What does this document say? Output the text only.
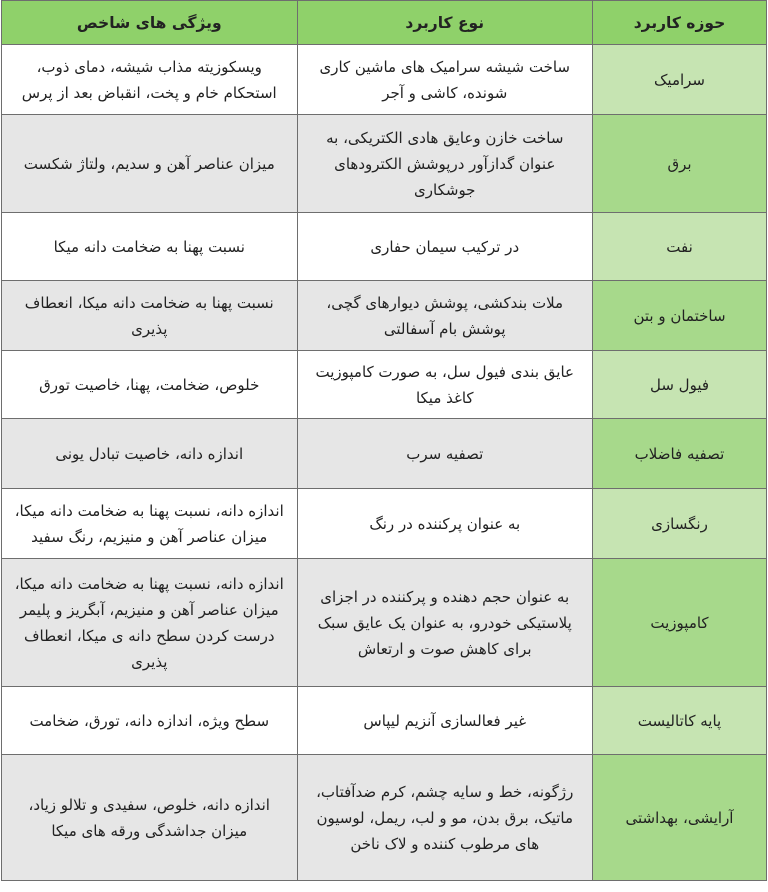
حوزه کاربرد	نوع کاربرد	ویژگی های شاخص
سرامیک	ساخت شیشه سرامیک های ماشین کاری شونده، کاشی و آجر	ویسکوزیته مذاب شیشه، دمای ذوب، استحکام خام و پخت، انقباض بعد از پرس
برق	ساخت خازن وعایق هادی الکتریکی، به عنوان گدازآور درپوشش الکترودهای جوشکاری	میزان عناصر آهن و سدیم، ولتاژ شکست
نفت	در ترکیب سیمان حفاری	نسبت پهنا به ضخامت دانه میکا
ساختمان و بتن	ملات بندکشی، پوشش دیوارهای گچی، پوشش بام آسفالتی	نسبت پهنا به ضخامت دانه میکا، انعطاف پذیری
فیول سل	عایق بندی فیول سل، به صورت کامپوزیت کاغذ میکا	خلوص، ضخامت، پهنا، خاصیت تورق
تصفیه فاضلاب	تصفیه سرب	اندازه دانه، خاصیت تبادل یونی
رنگسازی	به عنوان پرکننده در رنگ	اندازه دانه، نسبت پهنا به ضخامت دانه میکا، میزان عناصر آهن و منیزیم، رنگ سفید
کامپوزیت	به عنوان حجم دهنده و پرکننده در اجزای پلاستیکی خودرو، به عنوان یک عایق سبک برای کاهش صوت و ارتعاش	اندازه دانه، نسبت پهنا به ضخامت دانه میکا، میزان عناصر آهن و منیزیم، آبگریز و پلیمر درست کردن سطح دانه ی میکا، انعطاف پذیری
پایه کاتالیست	غیر فعالسازی آنزیم لیپاس	سطح ویژه، اندازه دانه، تورق، ضخامت
آرایشی، بهداشتی	رژگونه، خط و سایه چشم، کرم ضدآفتاب، ماتیک، برق بدن، مو و لب، ریمل، لوسیون های مرطوب کننده و لاک ناخن	اندازه دانه، خلوص، سفیدی و تلالو زیاد، میزان جداشدگی ورقه های میکا
